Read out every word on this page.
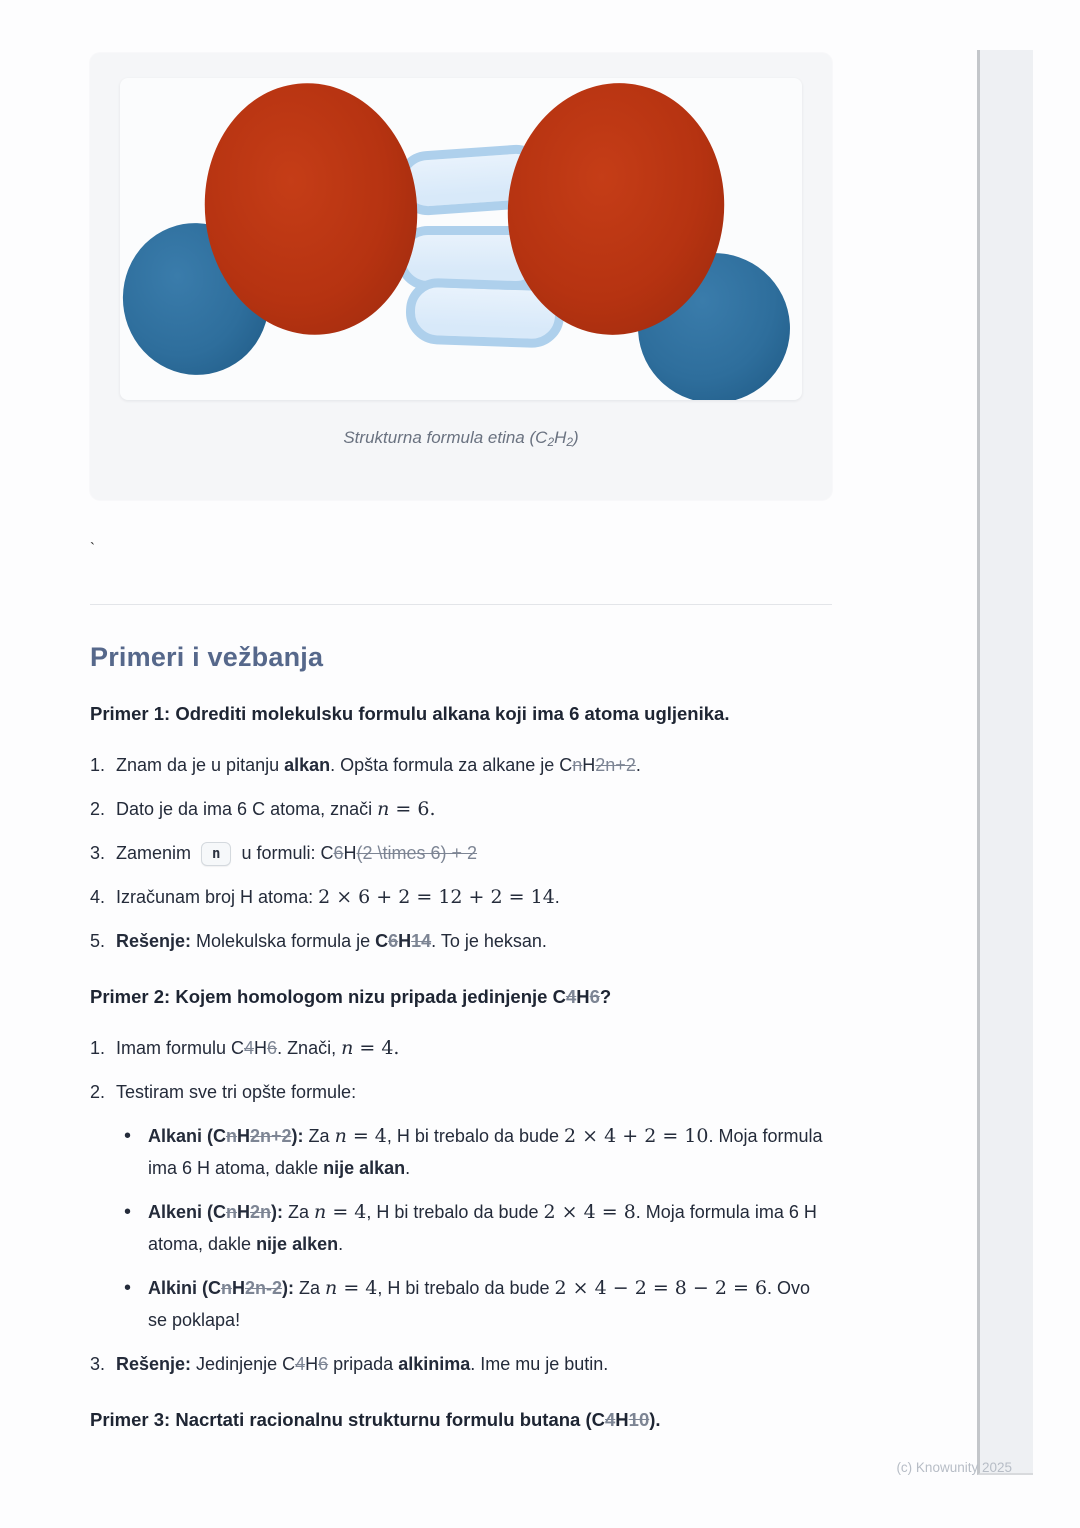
Strukturna formula etina (C2H2)
`
Primeri i vežbanja
Primer 1: Odrediti molekulsku formulu alkana koji ima 6 atoma ugljenika.
1. Znam da je u pitanju alkan. Opšta formula za alkane je CnH2n+2.
2. Dato je da ima 6 C atoma, znači n = 6.
3. Zamenim n u formuli: C6H(2 \times 6) + 2
4. Izračunam broj H atoma: 2 × 6 + 2 = 12 + 2 = 14.
5. Rešenje: Molekulska formula je C6H14. To je heksan.
Primer 2: Kojem homologom nizu pripada jedinjenje C4H6?
1. Imam formulu C4H6. Znači, n = 4.
2. Testiram sve tri opšte formule:
• Alkani (CnH2n+2): Za n = 4, H bi trebalo da bude 2 × 4 + 2 = 10. Moja formula ima 6 H atoma, dakle nije alkan.
• Alkeni (CnH2n): Za n = 4, H bi trebalo da bude 2 × 4 = 8. Moja formula ima 6 H atoma, dakle nije alken.
• Alkini (CnH2n-2): Za n = 4, H bi trebalo da bude 2 × 4 − 2 = 8 − 2 = 6. Ovo se poklapa!
3. Rešenje: Jedinjenje C4H6 pripada alkinima. Ime mu je butin.
Primer 3: Nacrtati racionalnu strukturnu formulu butana (C4H10).
(c) Knowunity 2025
